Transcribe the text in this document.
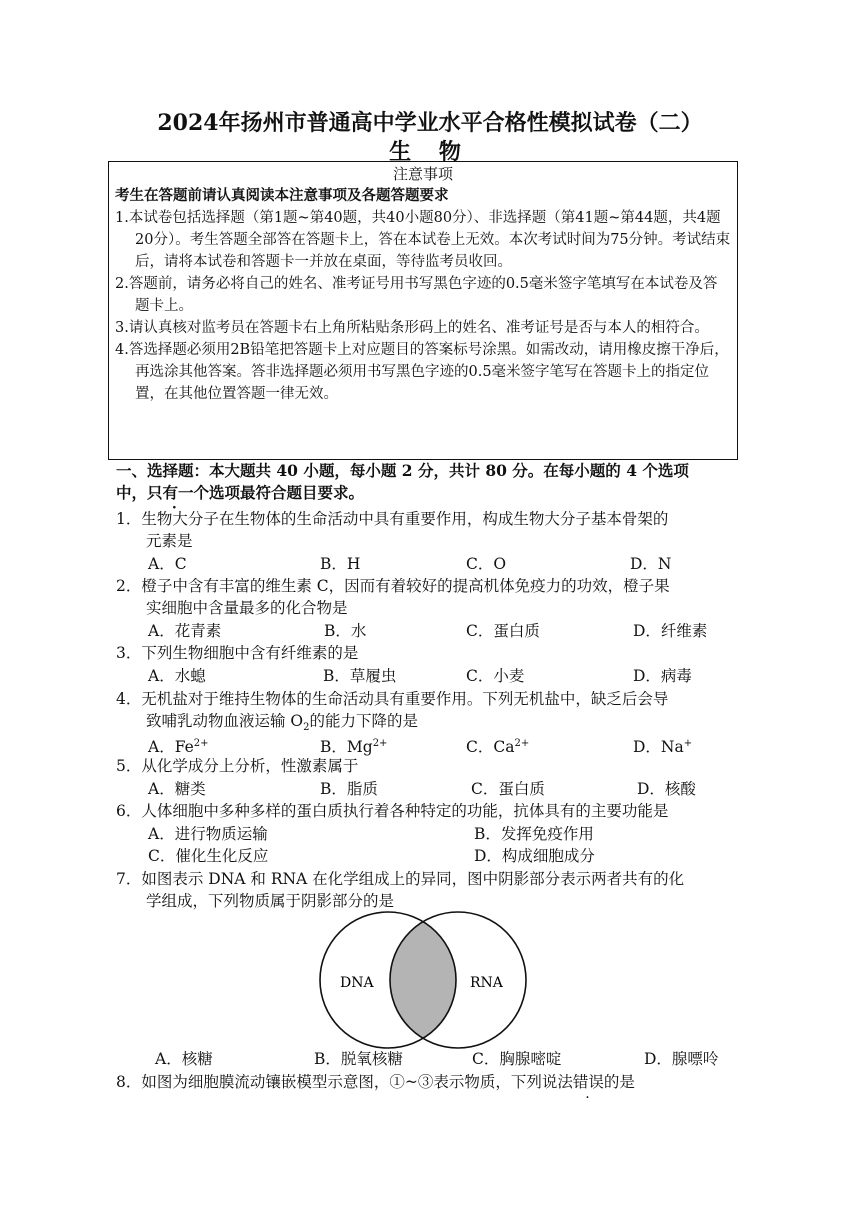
2024年扬州市普通高中学业水平合格性模拟试卷（二）
生 物
注意事项
考生在答题前请认真阅读本注意事项及各题答题要求
1.本试卷包括选择题（第1题~第40题，共40小题80分）、非选择题（第41题~第44题，共4题20分）。考生答题全部答在答题卡上，答在本试卷上无效。本次考试时间为75分钟。考试结束后，请将本试卷和答题卡一并放在桌面，等待监考员收回。
2.答题前，请务必将自己的姓名、准考证号用书写黑色字迹的0.5毫米签字笔填写在本试卷及答题卡上。
3.请认真核对监考员在答题卡右上角所粘贴条形码上的姓名、准考证号是否与本人的相符合。
4.答选择题必须用2B铅笔把答题卡上对应题目的答案标号涂黑。如需改动，请用橡皮擦干净后，再选涂其他答案。答非选择题必须用书写黑色字迹的0.5毫米签字笔写在答题卡上的指定位置，在其他位置答题一律无效。
一、选择题：本大题共 40 小题，每小题 2 分，共计 80 分。在每小题的 4 个选项
中，只有一个选项最符合题目要求。
1．生物大分子在生物体的生命活动中具有重要作用，构成生物大分子基本骨架的
元素是
A．C	B．H	C．O	D．N
2．橙子中含有丰富的维生素 C，因而有着较好的提高机体免疫力的功效，橙子果
实细胞中含量最多的化合物是
A．花青素	B．水	C．蛋白质	D．纤维素
3．下列生物细胞中含有纤维素的是
A．水螅	B．草履虫	C．小麦	D．病毒
4．无机盐对于维持生物体的生命活动具有重要作用。下列无机盐中，缺乏后会导
致哺乳动物血液运输 $O_2$的能力下降的是
A．$Fe^{2+}$	B．$Mg^{2+}$	C．$Ca^{2+}$	D．Na+
5．从化学成分上分析，性激素属于
A．糖类	B．脂质	C．蛋白质	D．核酸
6．人体细胞中多种多样的蛋白质执行着各种特定的功能，抗体具有的主要功能是
A．进行物质运输	B．发挥免疫作用
C．催化生化反应	D．构成细胞成分
7．如图表示 DNA 和 RNA 在化学组成上的异同，图中阴影部分表示两者共有的化
学组成，下列物质属于阴影部分的是
DNA	RNA
A．核糖	B．脱氧核糖	C．胸腺嘧啶	D．腺嘌呤
8．如图为细胞膜流动镶嵌模型示意图，①~③表示物质，下列说法错误的是
